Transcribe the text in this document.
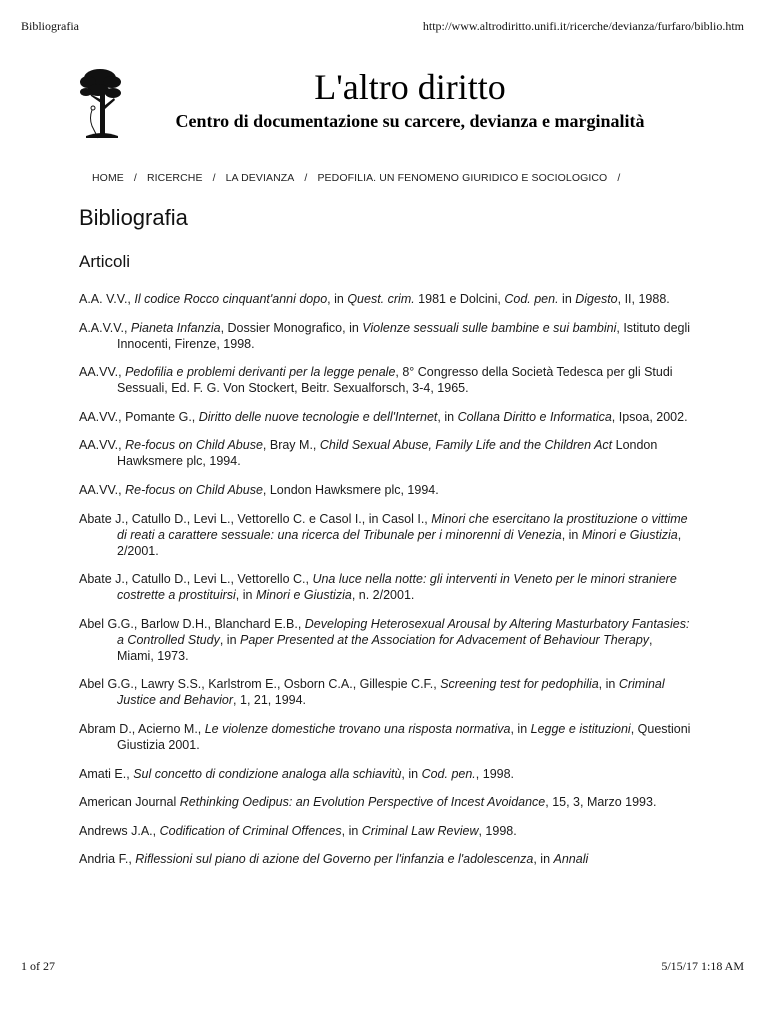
Bibliografia	http://www.altrodiritto.unifi.it/ricerche/devianza/furfaro/biblio.htm
L'altro diritto

Centro di documentazione su carcere, devianza e marginalità

HOME / RICERCHE / LA DEVIANZA / PEDOFILIA. UN FENOMENO GIURIDICO E SOCIOLOGICO /
Bibliografia
Articoli
A.A. V.V., Il codice Rocco cinquant'anni dopo, in Quest. crim. 1981 e Dolcini, Cod. pen. in Digesto, II, 1988.
A.A.V.V., Pianeta Infanzia, Dossier Monografico, in Violenze sessuali sulle bambine e sui bambini, Istituto degli Innocenti, Firenze, 1998.
AA.VV., Pedofilia e problemi derivanti per la legge penale, 8° Congresso della Società Tedesca per gli Studi Sessuali, Ed. F. G. Von Stockert, Beitr. Sexualforsch, 3-4, 1965.
AA.VV., Pomante G., Diritto delle nuove tecnologie e dell'Internet, in Collana Diritto e Informatica, Ipsoa, 2002.
AA.VV., Re-focus on Child Abuse, Bray M., Child Sexual Abuse, Family Life and the Children Act London Hawksmere plc, 1994.
AA.VV., Re-focus on Child Abuse, London Hawksmere plc, 1994.
Abate J., Catullo D., Levi L., Vettorello C. e Casol I., in Casol I., Minori che esercitano la prostituzione o vittime di reati a carattere sessuale: una ricerca del Tribunale per i minorenni di Venezia, in Minori e Giustizia, 2/2001.
Abate J., Catullo D., Levi L., Vettorello C., Una luce nella notte: gli interventi in Veneto per le minori straniere costrette a prostituirsi, in Minori e Giustizia, n. 2/2001.
Abel G.G., Barlow D.H., Blanchard E.B., Developing Heterosexual Arousal by Altering Masturbatory Fantasies: a Controlled Study, in Paper Presented at the Association for Advacement of Behaviour Therapy, Miami, 1973.
Abel G.G., Lawry S.S., Karlstrom E., Osborn C.A., Gillespie C.F., Screening test for pedophilia, in Criminal Justice and Behavior, 1, 21, 1994.
Abram D., Acierno M., Le violenze domestiche trovano una risposta normativa, in Legge e istituzioni, Questioni Giustizia 2001.
Amati E., Sul concetto di condizione analoga alla schiavitù, in Cod. pen., 1998.
American Journal Rethinking Oedipus: an Evolution Perspective of Incest Avoidance, 15, 3, Marzo 1993.
Andrews J.A., Codification of Criminal Offences, in Criminal Law Review, 1998.
Andria F., Riflessioni sul piano di azione del Governo per l'infanzia e l'adolescenza, in Annali
1 of 27	5/15/17 1:18 AM
